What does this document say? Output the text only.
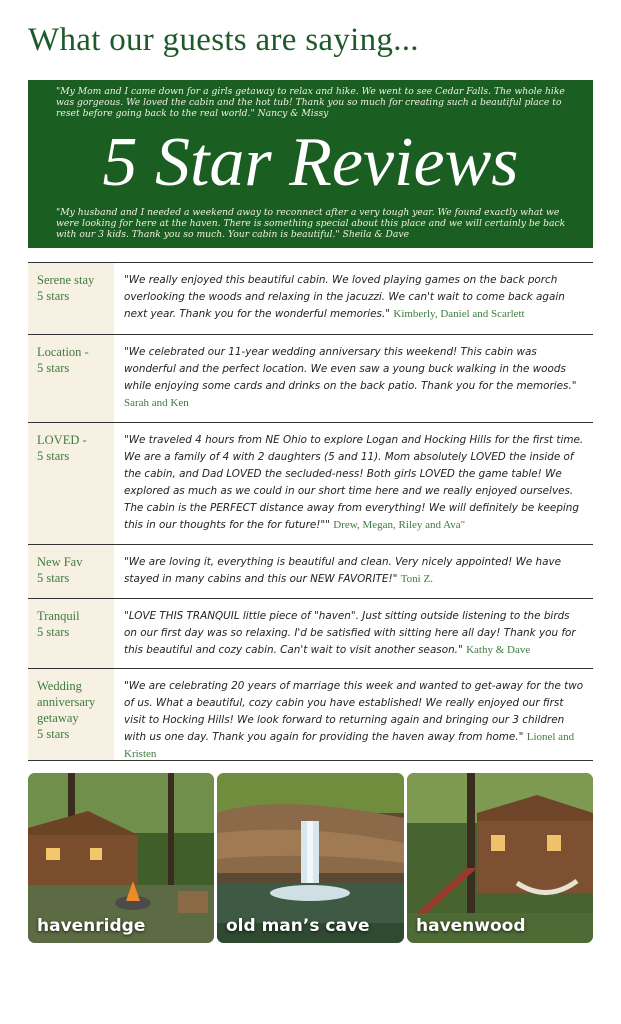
What our guests are saying...
"My Mom and I came down for a girls getaway to relax and hike. We went to see Cedar Falls. The whole hike was gorgeous. We loved the cabin and the hot tub! Thank you so much for creating such a beautiful place to reset before going back to the real world." Nancy & Missy
5 Star Reviews
"My husband and I needed a weekend away to reconnect after a very tough year. We found exactly what we were looking for here at the haven. There is something special about this place and we will certainly be back with our 3 kids. Thank you so much. Your cabin is beautiful." Sheila & Dave
Serene stay
5 stars
"We really enjoyed this beautiful cabin. We loved playing games on the back porch overlooking the woods and relaxing in the jacuzzi. We can't wait to come back again next year. Thank you for the wonderful memories." Kimberly, Daniel and Scarlett
Location -
5 stars
"We celebrated our 11-year wedding anniversary this weekend! This cabin was wonderful and the perfect location. We even saw a young buck walking in the woods while enjoying some cards and drinks on the back patio. Thank you for the memories." Sarah and Ken
LOVED -
5 stars
"We traveled 4 hours from NE Ohio to explore Logan and Hocking Hills for the first time. We are a family of 4 with 2 daughters (5 and 11). Mom absolutely LOVED the inside of the cabin, and Dad LOVED the secluded-ness! Both girls LOVED the game table! We explored as much as we could in our short time here and we really enjoyed ourselves. The cabin is the PERFECT distance away from everything! We will definitely be keeping this in our thoughts for the for future!"" Drew, Megan, Riley and Ava"
New Fav
5 stars
"We are loving it, everything is beautiful and clean. Very nicely appointed! We have stayed in many cabins and this our NEW FAVORITE!" Toni Z.
Tranquil
5 stars
"LOVE THIS TRANQUIL little piece of "haven". Just sitting outside listening to the birds on our first day was so relaxing. I'd be satisfied with sitting here all day! Thank you for this beautiful and cozy cabin. Can't wait to visit another season." Kathy & Dave
Wedding anniversary getaway
5 stars
"We are celebrating 20 years of marriage this week and wanted to get-away for the two of us. What a beautiful, cozy cabin you have established! We really enjoyed our first visit to Hocking Hills! We look forward to returning again and bringing our 3 children with us one day. Thank you again for providing the haven away from home." Lionel and Kristen
havenridge	old man’s cave	havenwood
